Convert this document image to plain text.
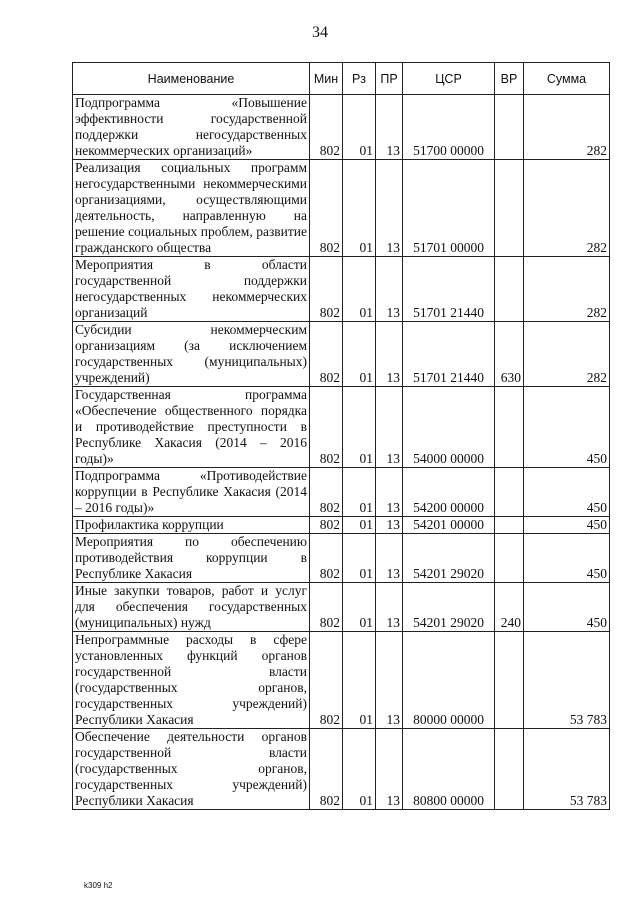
34
Наименование	Мин	Рз	ПР	ЦСР	ВР	Сумма
Подпрограмма «Повышение эффективности государственной поддержки негосударственных некоммерческих организаций»	802	01	13	51700 00000		282
Реализация социальных программ негосударственными некоммерческими организациями, осуществляющими деятельность, направленную на решение социальных проблем, развитие гражданского общества	802	01	13	51701 00000		282
Мероприятия в области государственной поддержки негосударственных некоммерческих организаций	802	01	13	51701 21440		282
Субсидии некоммерческим организациям (за исключением государственных (муниципальных) учреждений)	802	01	13	51701 21440	630	282
Государственная программа «Обеспечение общественного порядка и противодействие преступности в Республике Хакасия (2014 – 2016 годы)»	802	01	13	54000 00000		450
Подпрограмма «Противодействие коррупции в Республике Хакасия (2014 – 2016 годы)»	802	01	13	54200 00000		450
Профилактика коррупции	802	01	13	54201 00000		450
Мероприятия по обеспечению противодействия коррупции в Республике Хакасия	802	01	13	54201 29020		450
Иные закупки товаров, работ и услуг для обеспечения государственных (муниципальных) нужд	802	01	13	54201 29020	240	450
Непрограммные расходы в сфере установленных функций органов государственной власти (государственных органов, государственных учреждений) Республики Хакасия	802	01	13	80000 00000		53 783
Обеспечение деятельности органов государственной власти (государственных органов, государственных учреждений) Республики Хакасия	802	01	13	80800 00000		53 783
k309 h2
